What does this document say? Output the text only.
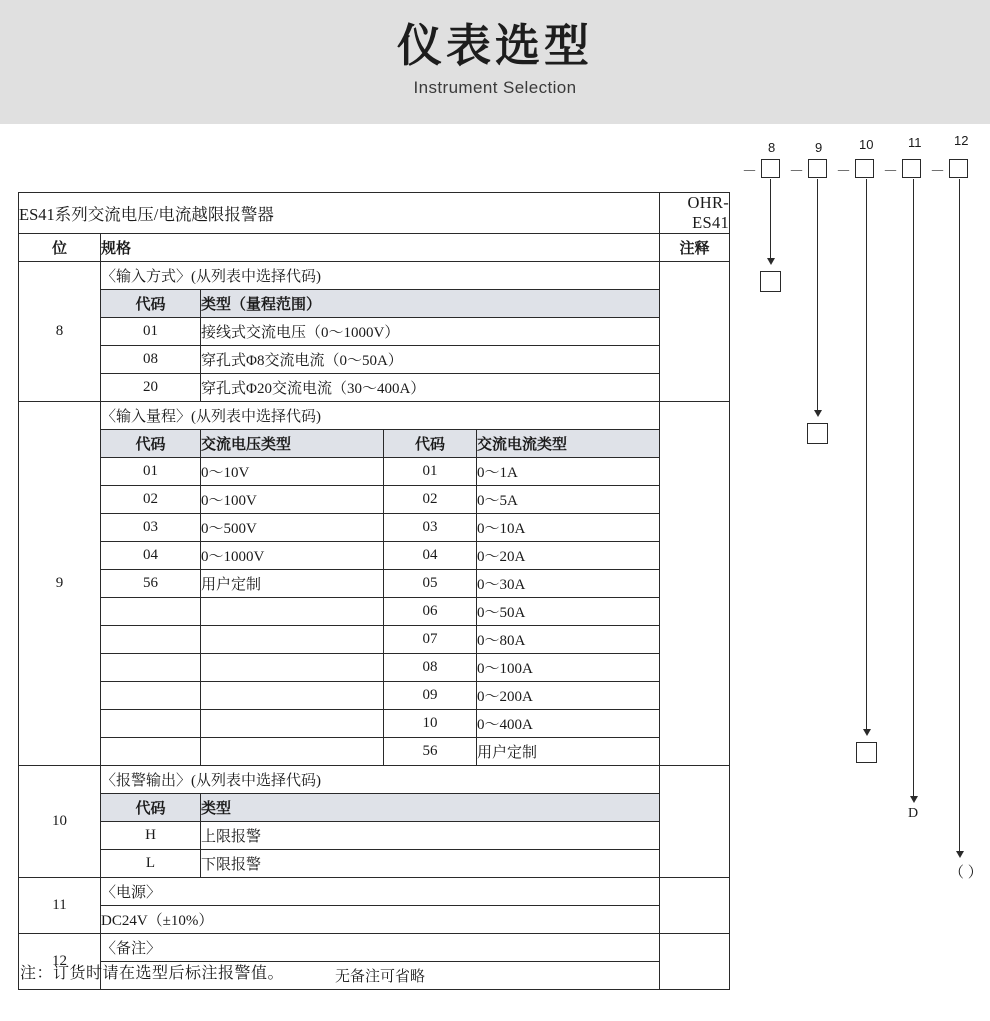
仪表选型
Instrument Selection
ES41系列交流电压/电流越限报警器					OHR-ES41
位	规格				注释
8	〈输入方式〉(从列表中选择代码)				
	代码	类型（量程范围）			
	01	接线式交流电压（0～1000V）			
	08	穿孔式Φ8交流电流（0～50A）			
	20	穿孔式Φ20交流电流（30～400A）			
9	〈输入量程〉(从列表中选择代码)				
	代码	交流电压类型	代码	交流电流类型	
	01	0～10V	01	0～1A	
	02	0～100V	02	0～5A	
	03	0～500V	03	0～10A	
	04	0～1000V	04	0～20A	
	56	用户定制	05	0～30A	
			06	0～50A	
			07	0～80A	
			08	0～100A	
			09	0～200A	
			10	0～400A	
			56	用户定制	
10	〈报警输出〉(从列表中选择代码)				
	代码	类型			
	H	上限报警			
	L	下限报警			
11	〈电源〉				
	DC24V（±10%）				
12	〈备注〉				
	无备注可省略				
8	9	10	11	12
－ － － － －
D
（ ）
注：订货时请在选型后标注报警值。
